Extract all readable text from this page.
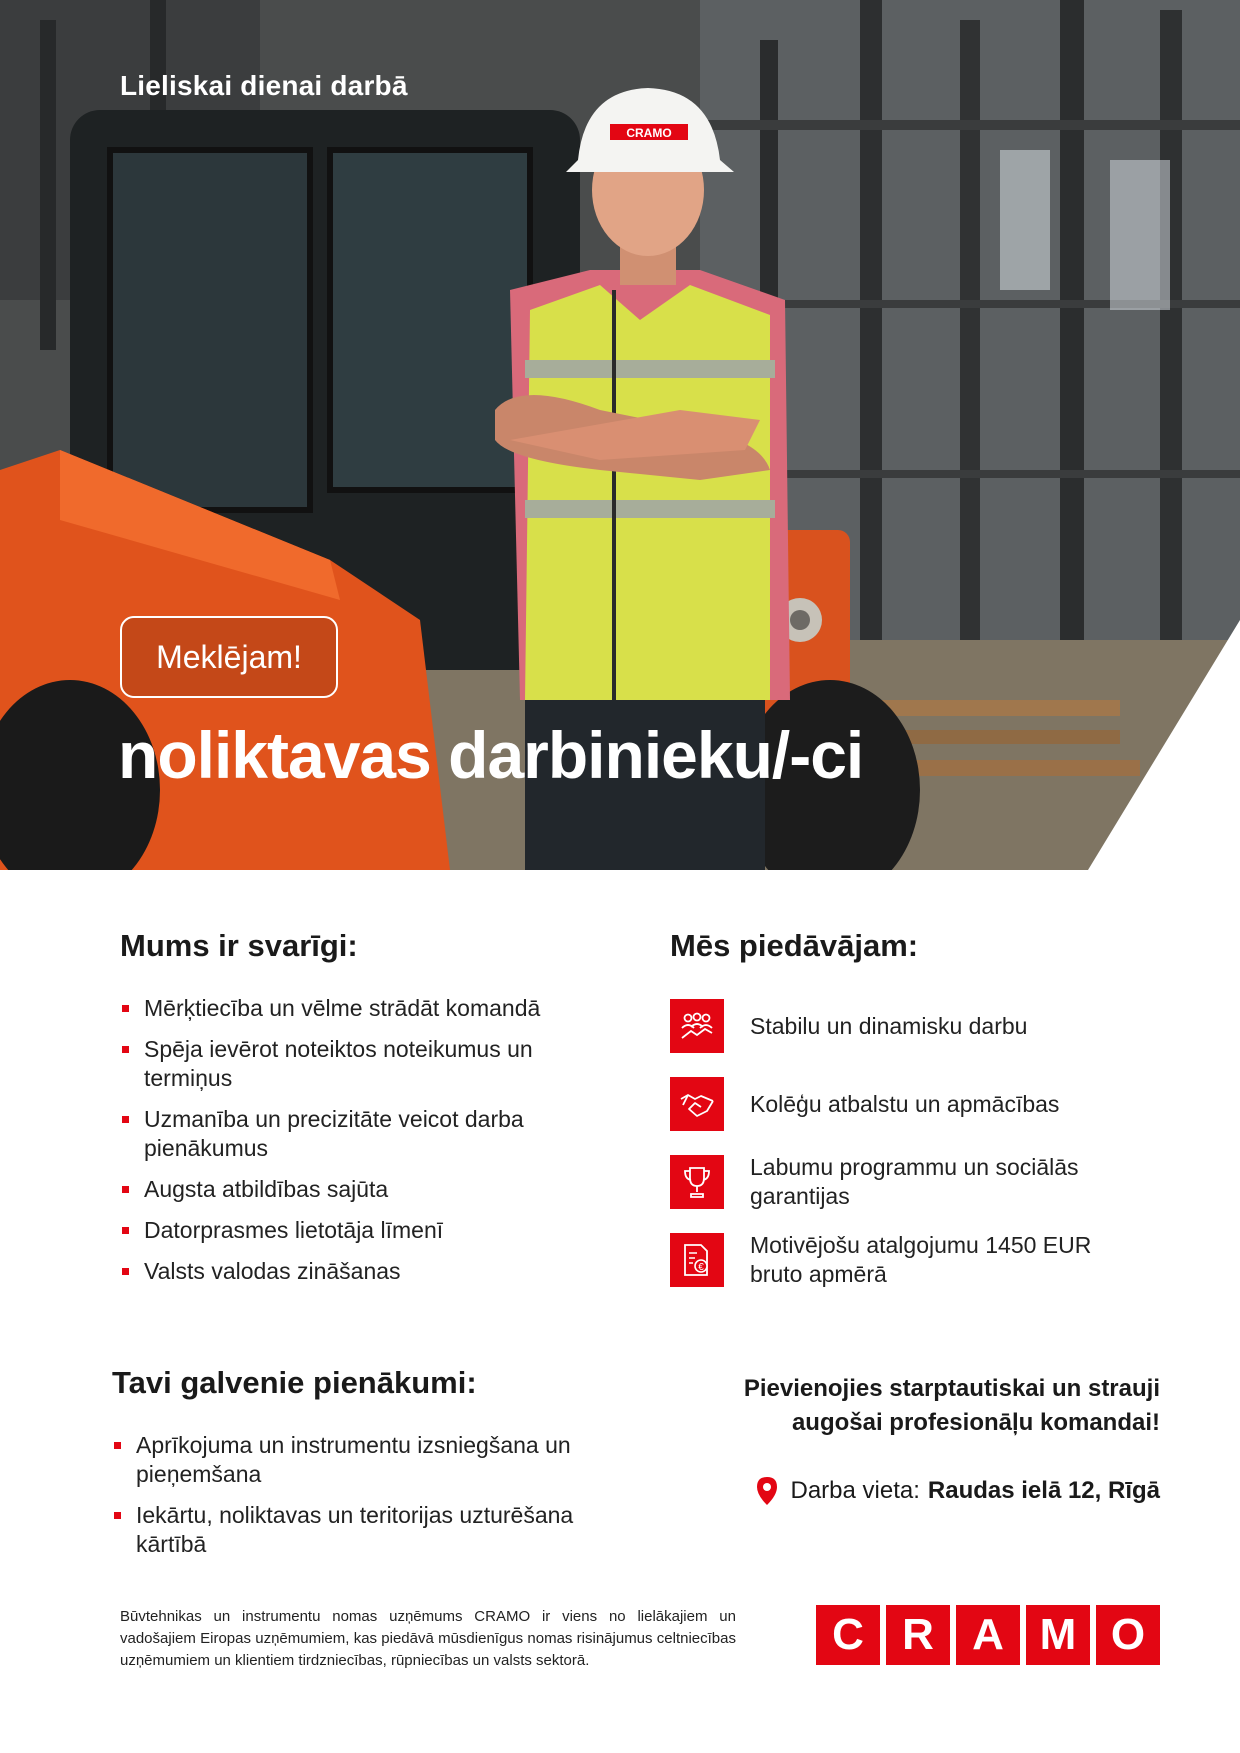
CRAMO
Lieliskai dienai darbā
Meklējam!
noliktavas darbinieku/-ci
Mums ir svarīgi:
Mērķtiecība un vēlme strādāt komandā
Spēja ievērot noteiktos noteikumus un termiņus
Uzmanība un precizitāte veicot darba pienākumus
Augsta atbildības sajūta
Datorprasmes lietotāja līmenī
Valsts valodas zināšanas
Mēs piedāvājam:
Stabilu un dinamisku darbu
Kolēģu atbalstu un apmācības
Labumu programmu un sociālās garantijas
€
Motivējošu atalgojumu 1450 EUR bruto apmērā
Tavi galvenie pienākumi:
Aprīkojuma un instrumentu izsniegšana un pieņemšana
Iekārtu, noliktavas un teritorijas uzturēšana kārtībā
Pievienojies starptautiskai un strauji
augošai profesionāļu komandai!
Darba vieta: Raudas ielā 12, Rīgā
Būvtehnikas un instrumentu nomas uzņēmums CRAMO ir viens no lielākajiem un vadošajiem Eiropas uzņēmumiem, kas piedāvā mūsdienīgus nomas risinājumus celtniecības uzņēmumiem un klientiem tirdzniecības, rūpniecības un valsts sektorā.
C R A M O
